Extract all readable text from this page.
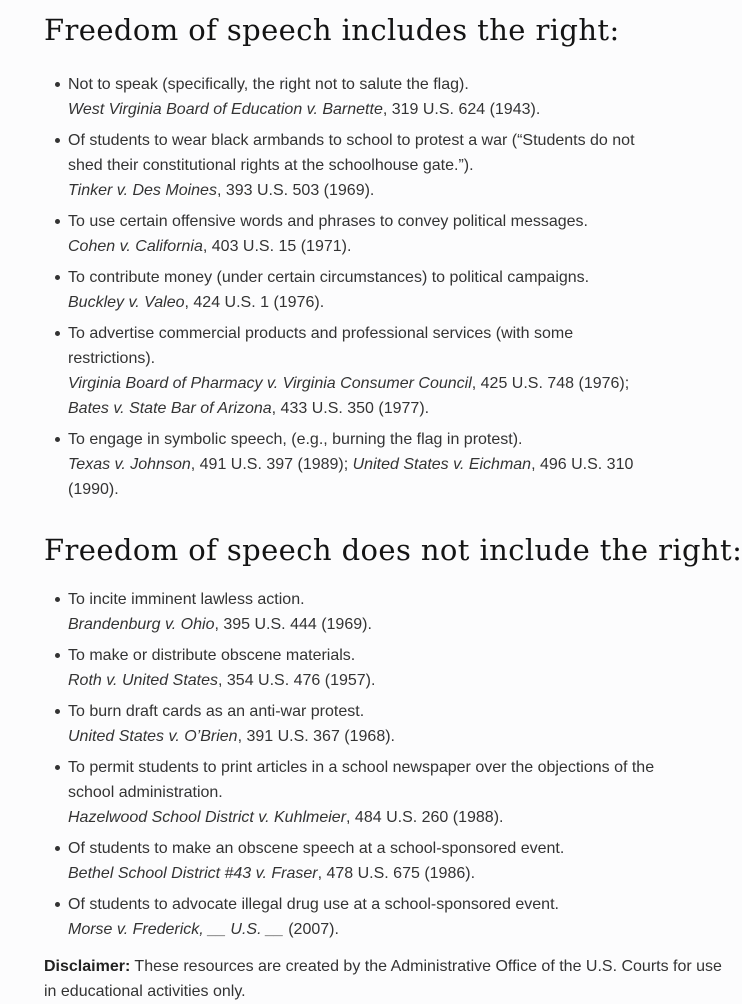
Freedom of speech includes the right:
Not to speak (specifically, the right not to salute the flag).
West Virginia Board of Education v. Barnette, 319 U.S. 624 (1943).
Of students to wear black armbands to school to protest a war (“Students do not shed their constitutional rights at the schoolhouse gate.”).
Tinker v. Des Moines, 393 U.S. 503 (1969).
To use certain offensive words and phrases to convey political messages.
Cohen v. California, 403 U.S. 15 (1971).
To contribute money (under certain circumstances) to political campaigns.
Buckley v. Valeo, 424 U.S. 1 (1976).
To advertise commercial products and professional services (with some restrictions).
Virginia Board of Pharmacy v. Virginia Consumer Council, 425 U.S. 748 (1976); Bates v. State Bar of Arizona, 433 U.S. 350 (1977).
To engage in symbolic speech, (e.g., burning the flag in protest).
Texas v. Johnson, 491 U.S. 397 (1989); United States v. Eichman, 496 U.S. 310 (1990).
Freedom of speech does not include the right:
To incite imminent lawless action.
Brandenburg v. Ohio, 395 U.S. 444 (1969).
To make or distribute obscene materials.
Roth v. United States, 354 U.S. 476 (1957).
To burn draft cards as an anti-war protest.
United States v. O’Brien, 391 U.S. 367 (1968).
To permit students to print articles in a school newspaper over the objections of the school administration.
Hazelwood School District v. Kuhlmeier, 484 U.S. 260 (1988).
Of students to make an obscene speech at a school-sponsored event.
Bethel School District #43 v. Fraser, 478 U.S. 675 (1986).
Of students to advocate illegal drug use at a school-sponsored event.
Morse v. Frederick, __ U.S. __ (2007).

Disclaimer: These resources are created by the Administrative Office of the U.S. Courts for use in educational activities only.
